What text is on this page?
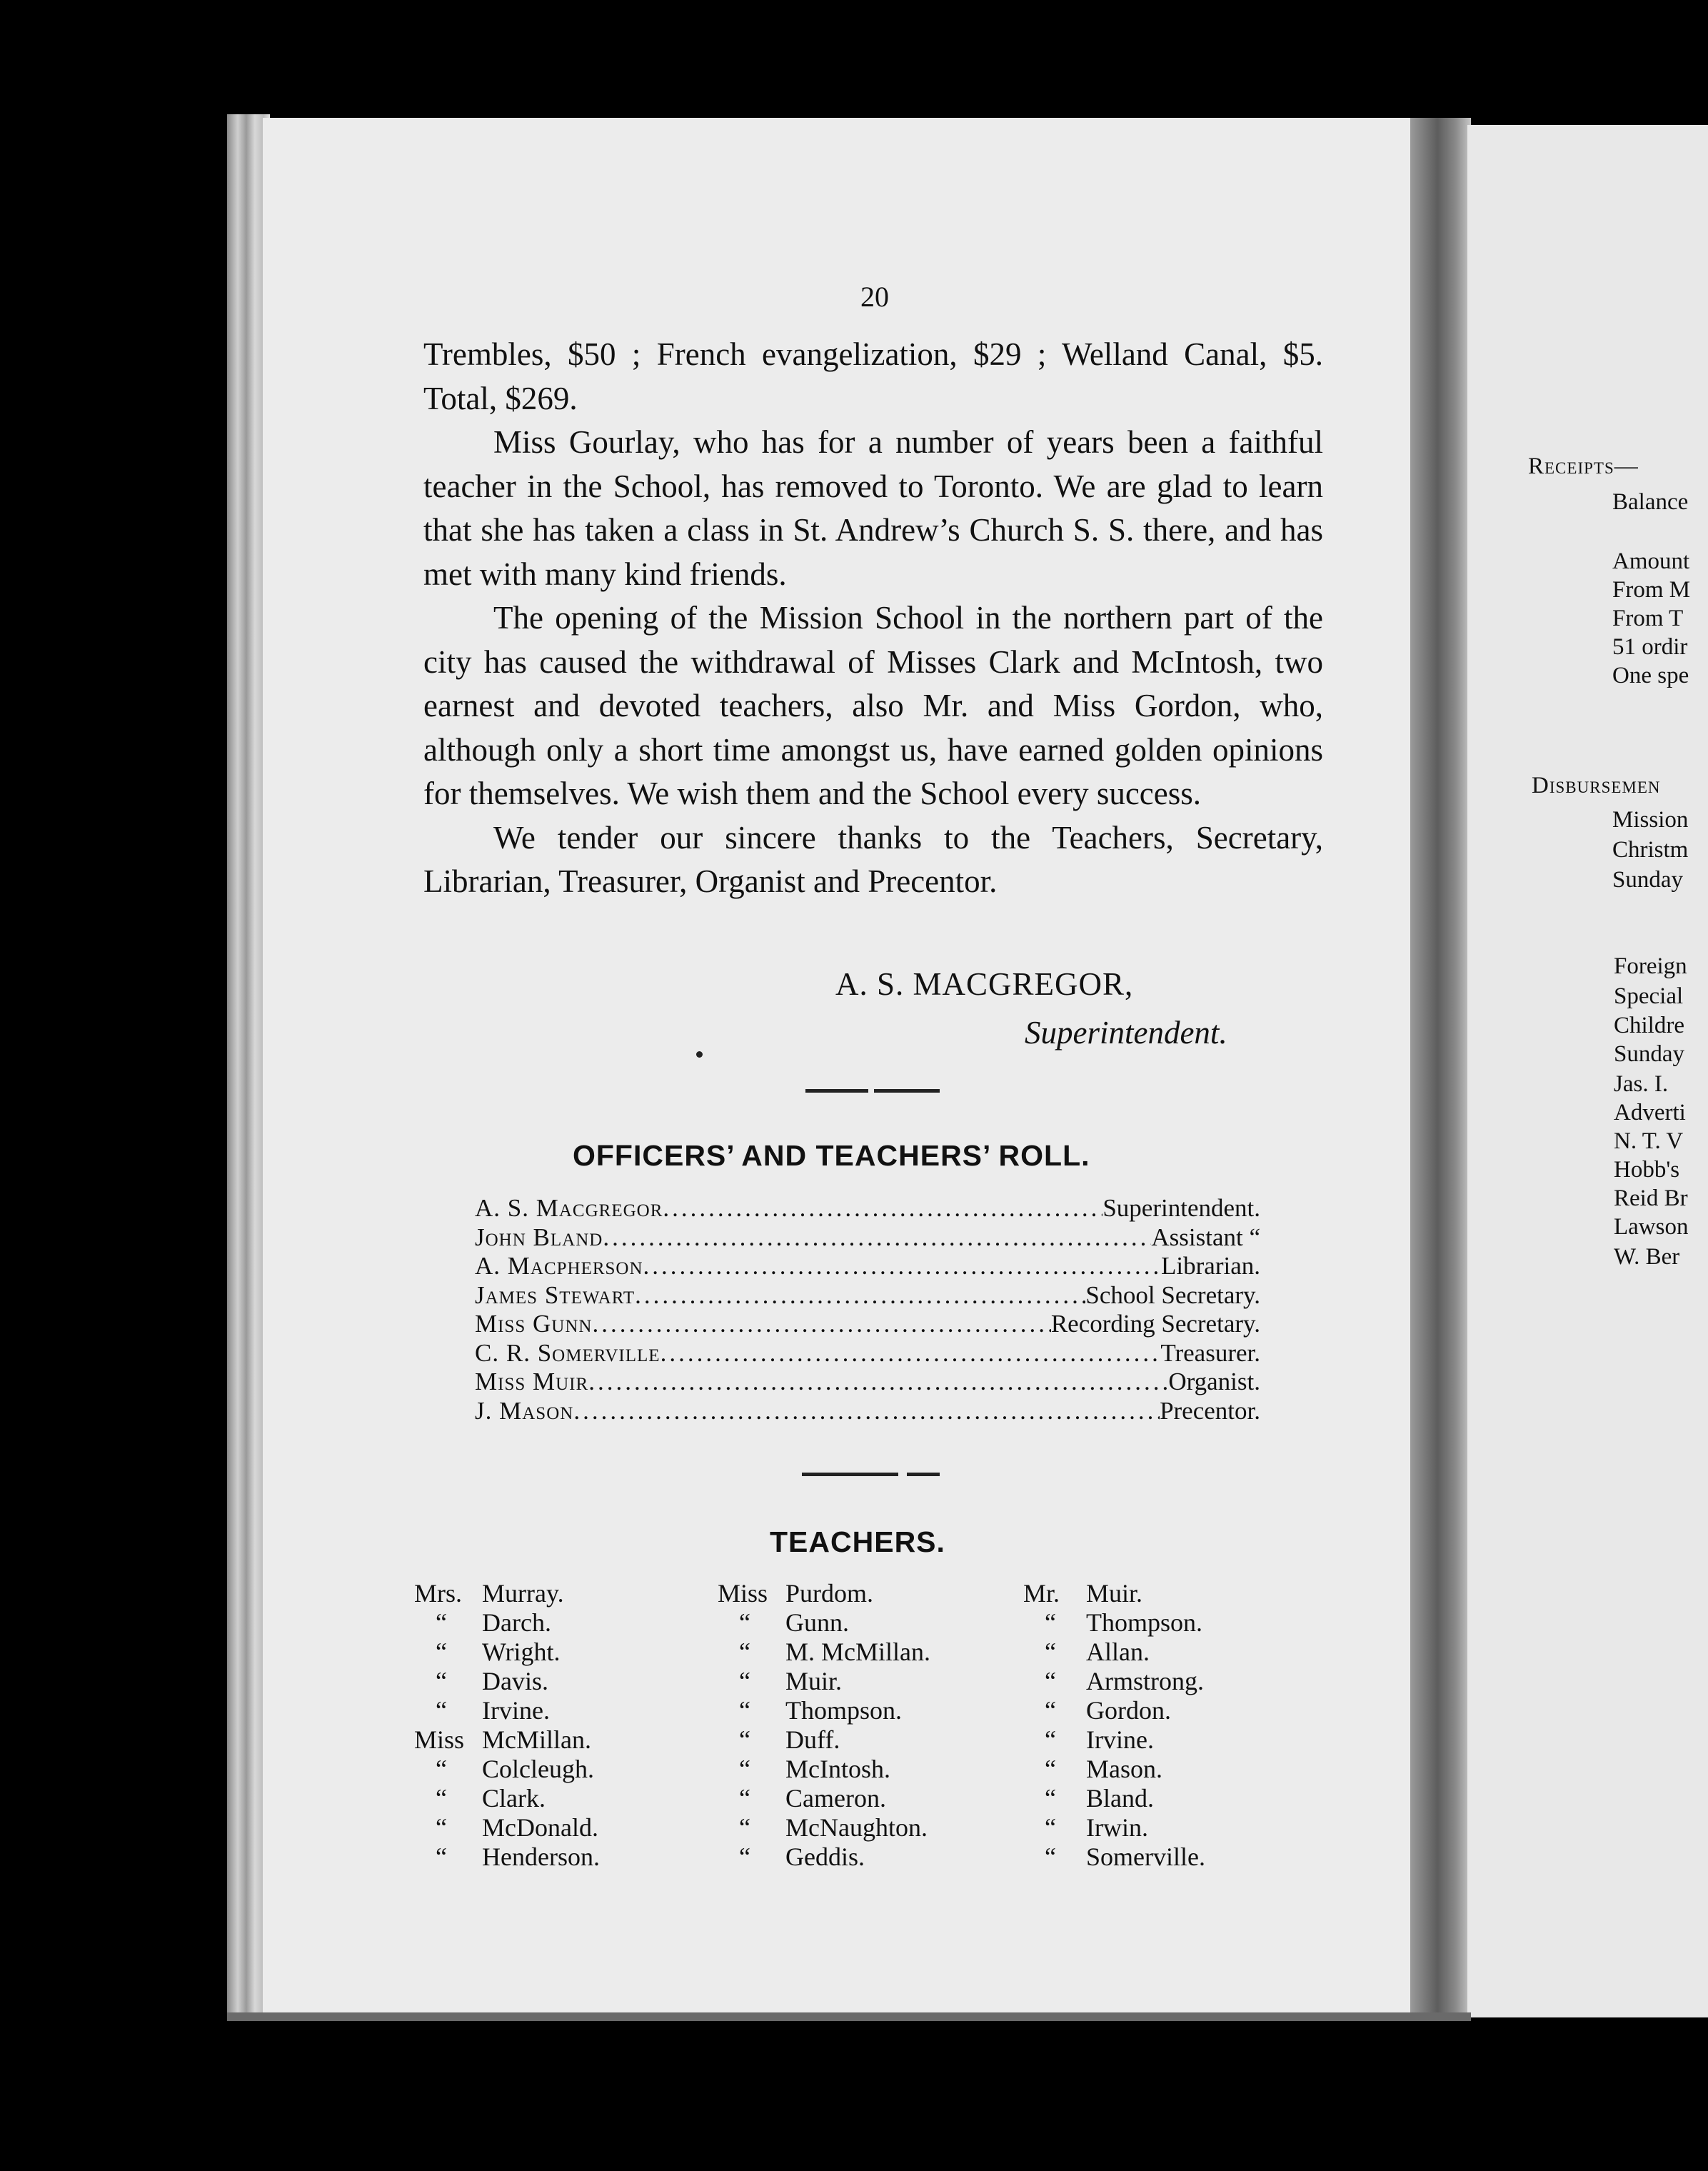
20

Trembles, $50 ; French evangelization, $29 ; Welland Canal, $5. Total, $269.

Miss Gourlay, who has for a number of years been a faithful teacher in the School, has removed to Toronto. We are glad to learn that she has taken a class in St. Andrew’s Church S. S. there, and has met with many kind friends.

The opening of the Mission School in the northern part of the city has caused the withdrawal of Misses Clark and McIntosh, two earnest and devoted teachers, also Mr. and Miss Gordon, who, although only a short time amongst us, have earned golden opinions for themselves. We wish them and the School every success.

We tender our sincere thanks to the Teachers, Secretary, Librarian, Treasurer, Organist and Precentor.

A. S. MACGREGOR,
Superintendent.
OFFICERS’ AND TEACHERS’ ROLL.
A. S. Macgregor .....	Superintendent.
John Bland .....	Assistant “
A. Macpherson .....	Librarian.
James Stewart .....	School Secretary.
Miss Gunn .....	Recording Secretary.
C. R. Somerville .....	Treasurer.
Miss Muir .....	Organist.
J. Mason .....	Precentor.
TEACHERS.
Mrs. Murray.
“ Darch.
“ Wright.
“ Davis.
“ Irvine.
Miss McMillan.
“ Colcleugh.
“ Clark.
“ McDonald.
“ Henderson.
Miss Purdom.
“ Gunn.
“ M. McMillan.
“ Muir.
“ Thompson.
“ Duff.
“ McIntosh.
“ Cameron.
“ McNaughton.
“ Geddis.
Mr. Muir.
“ Thompson.
“ Allan.
“ Armstrong.
“ Gordon.
“ Irvine.
“ Mason.
“ Bland.
“ Irwin.
“ Somerville.
Receipts—
Balance
Amount
From M
From T
51 ordir
One spe
Disbursemen
Mission
Christm
Sunday
Foreign
Special
Childre
Sunday
Jas. I.
Adverti
N. T. V
Hobb's
Reid Br
Lawson
W. Ber
